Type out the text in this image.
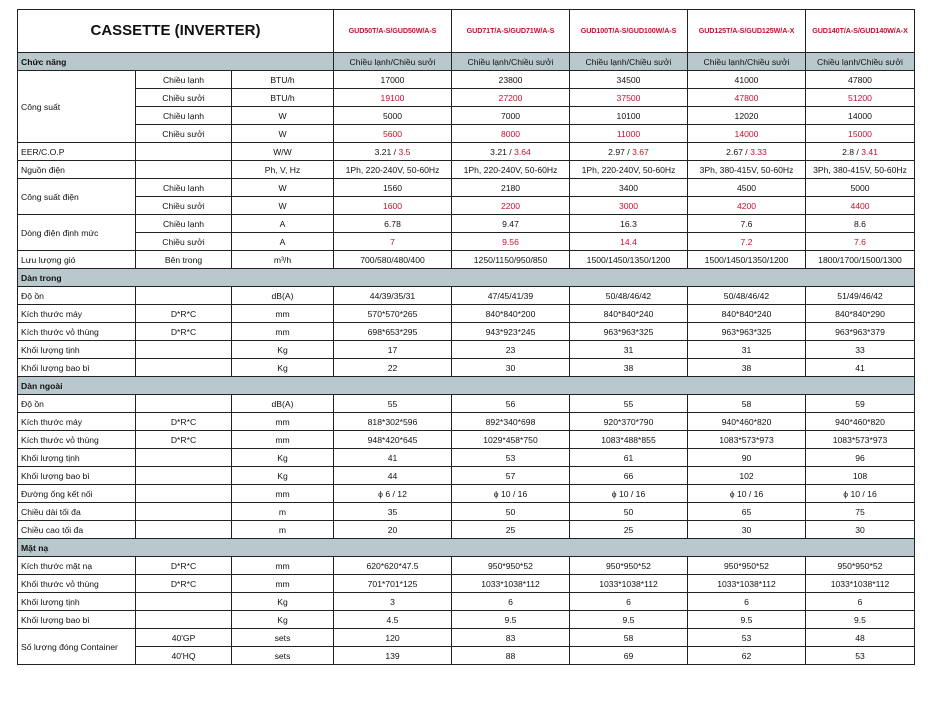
CASSETTE (INVERTER)			GUD50T/A-S/GUD50W/A-S	GUD71T/A-S/GUD71W/A-S	GUD100T/A-S/GUD100W/A-S	GUD125T/A-S/GUD125W/A-X	GUD140T/A-S/GUD140W/A-X
Chức năng			Chiều lạnh/Chiều sưởi	Chiều lạnh/Chiều sưởi	Chiều lạnh/Chiều sưởi	Chiều lạnh/Chiều sưởi	Chiều lạnh/Chiều sưởi
Công suất	Chiều lạnh	BTU/h	17000	23800	34500	41000	47800
	Chiều sưởi	BTU/h	19100	27200	37500	47800	51200
	Chiều lạnh	W	5000	7000	10100	12020	14000
	Chiều sưởi	W	5600	8000	11000	14000	15000
EER/C.O.P		W/W	3.21 / 3.5	3.21 / 3.64	2.97 / 3.67	2.67 / 3.33	2.8 / 3.41
Nguồn điện		Ph, V, Hz	1Ph, 220-240V, 50-60Hz	1Ph, 220-240V, 50-60Hz	1Ph, 220-240V, 50-60Hz	3Ph, 380-415V, 50-60Hz	3Ph, 380-415V, 50-60Hz
Công suất điện	Chiều lạnh	W	1560	2180	3400	4500	5000
	Chiều sưởi	W	1600	2200	3000	4200	4400
Dòng điện định mức	Chiều lạnh	A	6.78	9.47	16.3	7.6	8.6
	Chiều sưởi	A	7	9.56	14.4	7.2	7.6
Lưu lượng gió	Bên trong	m³/h	700/580/480/400	1250/1150/950/850	1500/1450/1350/1200	1500/1450/1350/1200	1800/1700/1500/1300
Dàn trong							
Độ ồn		dB(A)	44/39/35/31	47/45/41/39	50/48/46/42	50/48/46/42	51/49/46/42
Kích thước máy	D*R*C	mm	570*570*265	840*840*200	840*840*240	840*840*240	840*840*290
Kích thước vỏ thùng	D*R*C	mm	698*653*295	943*923*245	963*963*325	963*963*325	963*963*379
Khối lượng tịnh		Kg	17	23	31	31	33
Khối lượng bao bì		Kg	22	30	38	38	41
Dàn ngoài							
Độ ồn		dB(A)	55	56	55	58	59
Kích thước máy	D*R*C	mm	818*302*596	892*340*698	920*370*790	940*460*820	940*460*820
Kích thước vỏ thùng	D*R*C	mm	948*420*645	1029*458*750	1083*488*855	1083*573*973	1083*573*973
Khối lượng tịnh		Kg	41	53	61	90	96
Khối lượng bao bì		Kg	44	57	66	102	108
Đường ống kết nối		mm	ϕ 6 / 12	ϕ 10 / 16	ϕ 10 / 16	ϕ 10 / 16	ϕ 10 / 16
Chiều dài tối đa		m	35	50	50	65	75
Chiều cao tối đa		m	20	25	25	30	30
Mặt nạ							
Kích thước mặt nạ	D*R*C	mm	620*620*47.5	950*950*52	950*950*52	950*950*52	950*950*52
Khối thước vỏ thùng	D*R*C	mm	701*701*125	1033*1038*112	1033*1038*112	1033*1038*112	1033*1038*112
Khối lượng tịnh		Kg	3	6	6	6	6
Khối lượng bao bì		Kg	4.5	9.5	9.5	9.5	9.5
Số lượng đóng Container	40'GP	sets	120	83	58	53	48
	40'HQ	sets	139	88	69	62	53
